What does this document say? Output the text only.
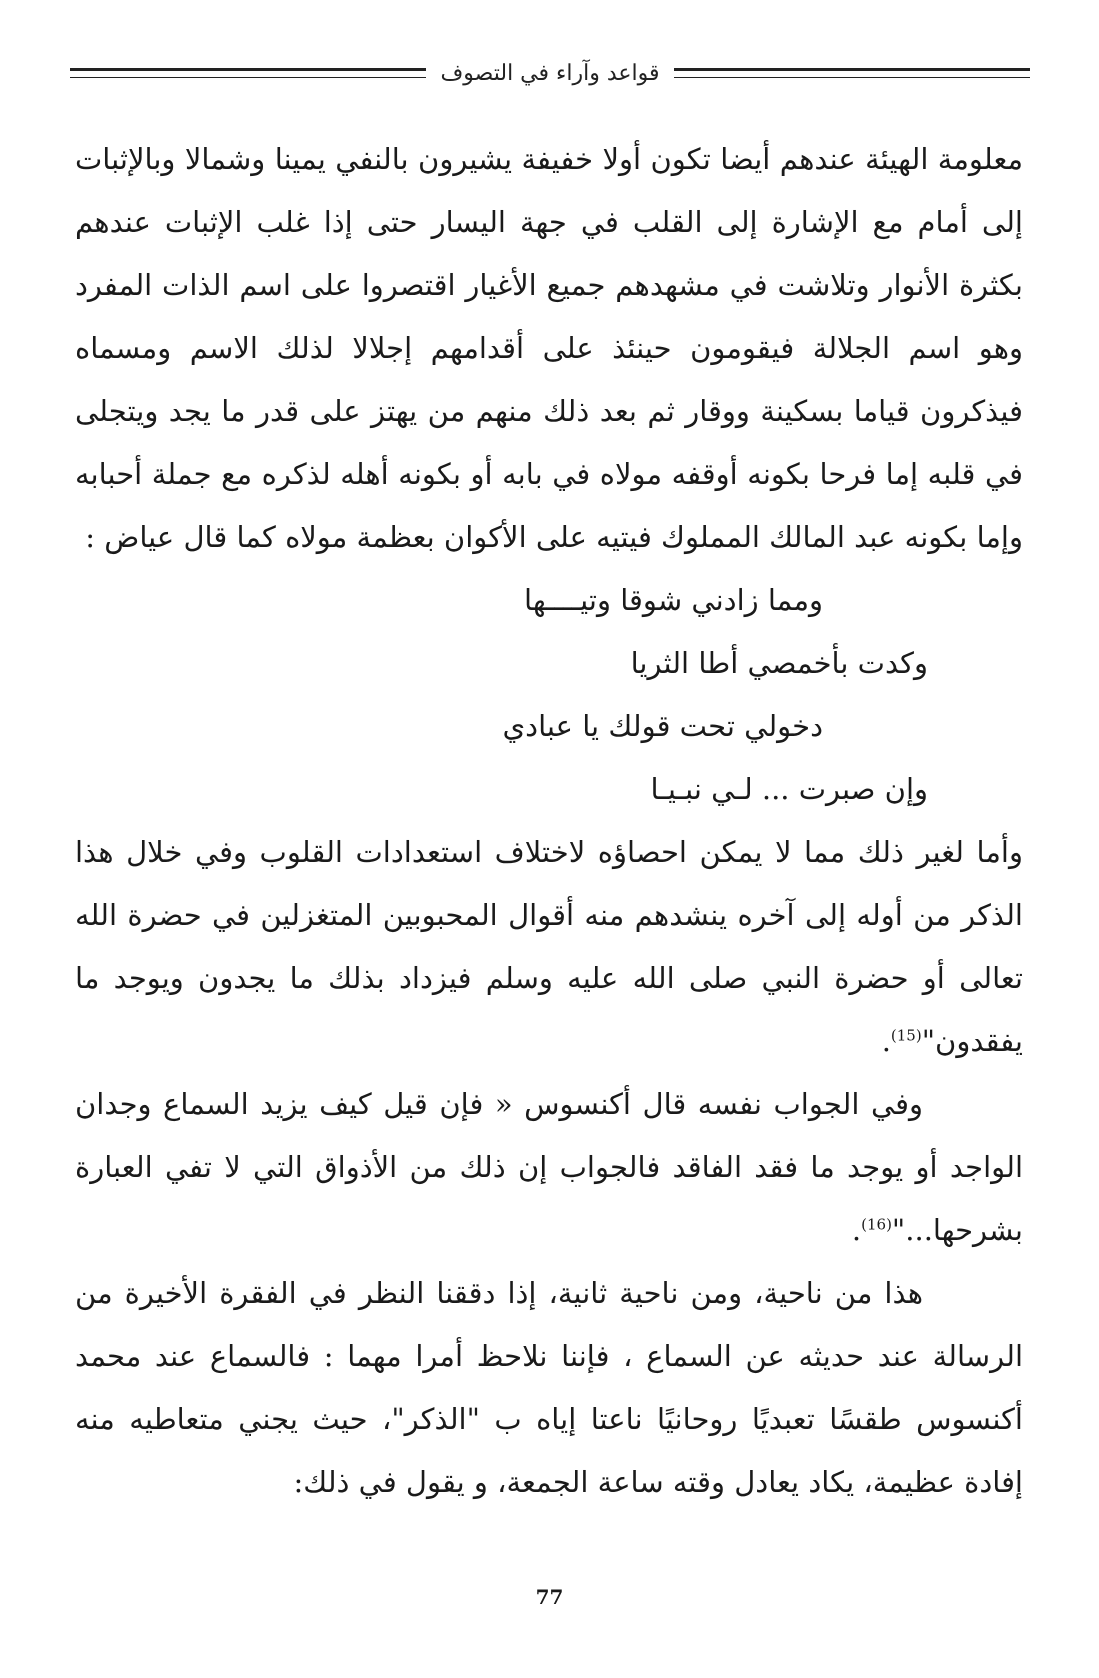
قواعد وآراء في التصوف

معلومة الهيئة عندهم أيضا تكون أولا خفيفة يشيرون بالنفي يمينا وشمالا وبالإثبات إلى أمام مع الإشارة إلى القلب في جهة اليسار حتى إذا غلب الإثبات عندهم بكثرة الأنوار وتلاشت في مشهدهم جميع الأغيار اقتصروا على اسم الذات المفرد وهو اسم الجلالة فيقومون حينئذ على أقدامهم إجلالا لذلك الاسم ومسماه فيذكرون قياما بسكينة ووقار ثم بعد ذلك منهم من يهتز على قدر ما يجد ويتجلى في قلبه إما فرحا بكونه أوقفه مولاه في بابه أو بكونه أهله لذكره مع جملة أحبابه وإما بكونه عبد المالك المملوك فيتيه على الأكوان بعظمة مولاه كما قال عياض :

ومما زادني شوقا وتيــــها

وكدت بأخمصي أطا الثريا

دخولي تحت قولك يا عبادي

وإن صبرت ... لـي نبـيـا

وأما لغير ذلك مما لا يمكن احصاؤه لاختلاف استعدادات القلوب وفي خلال هذا الذكر من أوله إلى آخره ينشدهم منه أقوال المحبوبين المتغزلين في حضرة الله تعالى أو حضرة النبي صلى الله عليه وسلم فيزداد بذلك ما يجدون ويوجد ما يفقدون"$^{(15)}$.

وفي الجواب نفسه قال أكنسوس « فإن قيل كيف يزيد السماع وجدان الواجد أو يوجد ما فقد الفاقد فالجواب إن ذلك من الأذواق التي لا تفي العبارة بشرحها..."$^{(16)}$.

هذا من ناحية، ومن ناحية ثانية، إذا دققنا النظر في الفقرة الأخيرة من الرسالة عند حديثه عن السماع ، فإننا نلاحظ أمرا مهما : فالسماع عند محمد أكنسوس طقسًا تعبديًا روحانيًا ناعتا إياه ب "الذكر"، حيث يجني متعاطيه منه إفادة عظيمة، يكاد يعادل وقته ساعة الجمعة، و يقول في ذلك:

77
